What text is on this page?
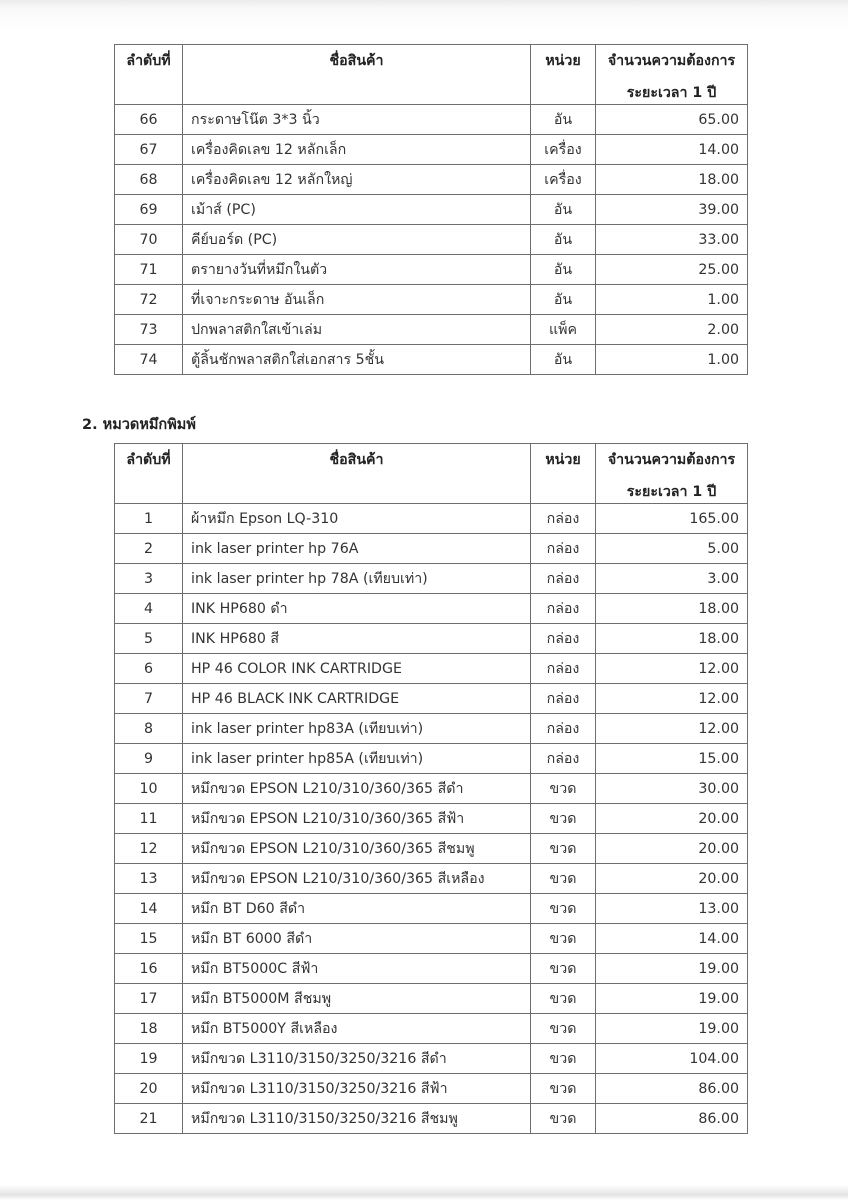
ลำดับที่	ชื่อสินค้า	หน่วย	จำนวนความต้องการ
ระยะเวลา 1 ปี

66	กระดาษโน๊ต 3*3 นิ้ว	อัน	65.00
67	เครื่องคิดเลข 12 หลักเล็ก	เครื่อง	14.00
68	เครื่องคิดเลข 12 หลักใหญ่	เครื่อง	18.00
69	เม้าส์ (PC)	อัน	39.00
70	คีย์บอร์ด (PC)	อัน	33.00
71	ตรายางวันที่หมึกในตัว	อัน	25.00
72	ที่เจาะกระดาษ อันเล็ก	อัน	1.00
73	ปกพลาสติกใสเข้าเล่ม	แพ็ค	2.00
74	ตู้ลิ้นชักพลาสติกใส่เอกสาร 5ชั้น	อัน	1.00
2. หมวดหมึกพิมพ์
ลำดับที่	ชื่อสินค้า	หน่วย	จำนวนความต้องการ
ระยะเวลา 1 ปี

1	ผ้าหมึก Epson LQ-310	กล่อง	165.00
2	ink laser printer hp 76A	กล่อง	5.00
3	ink laser printer hp 78A (เทียบเท่า)	กล่อง	3.00
4	INK HP680 ดำ	กล่อง	18.00
5	INK HP680 สี	กล่อง	18.00
6	HP 46 COLOR INK CARTRIDGE	กล่อง	12.00
7	HP 46 BLACK INK CARTRIDGE	กล่อง	12.00
8	ink laser printer hp83A (เทียบเท่า)	กล่อง	12.00
9	ink laser printer hp85A (เทียบเท่า)	กล่อง	15.00
10	หมึกขวด EPSON L210/310/360/365 สีดำ	ขวด	30.00
11	หมึกขวด EPSON L210/310/360/365 สีฟ้า	ขวด	20.00
12	หมึกขวด EPSON L210/310/360/365 สีชมพู	ขวด	20.00
13	หมึกขวด EPSON L210/310/360/365 สีเหลือง	ขวด	20.00
14	หมึก BT D60 สีดำ	ขวด	13.00
15	หมึก BT 6000 สีดำ	ขวด	14.00
16	หมึก BT5000C สีฟ้า	ขวด	19.00
17	หมึก BT5000M สีชมพู	ขวด	19.00
18	หมึก BT5000Y สีเหลือง	ขวด	19.00
19	หมึกขวด L3110/3150/3250/3216 สีดำ	ขวด	104.00
20	หมึกขวด L3110/3150/3250/3216 สีฟ้า	ขวด	86.00
21	หมึกขวด L3110/3150/3250/3216 สีชมพู	ขวด	86.00
